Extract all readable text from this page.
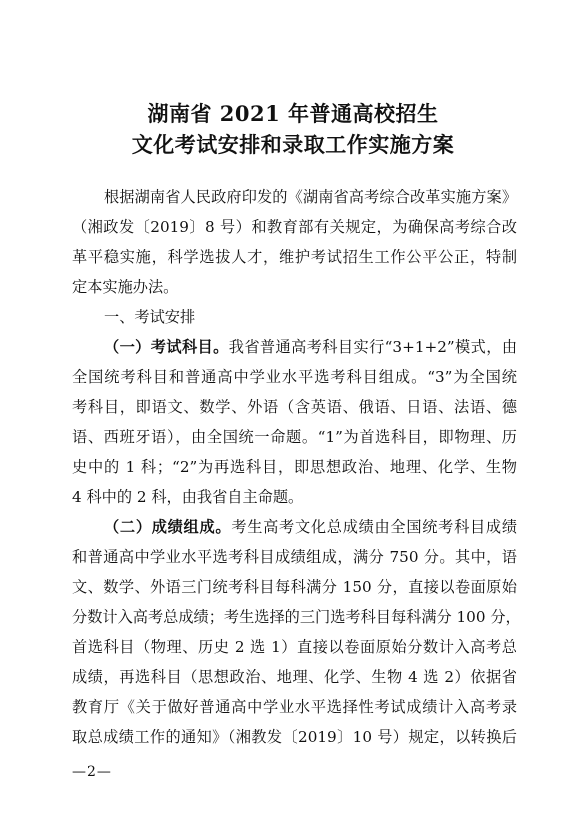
湖南省 2021 年普通高校招生
文化考试安排和录取工作实施方案
根据湖南省人民政府印发的《湖南省高考综合改革实施方案》
（湘政发〔2019〕8 号）和教育部有关规定，为确保高考综合改
革平稳实施，科学选拔人才，维护考试招生工作公平公正，特制
定本实施办法。
一、考试安排
（一）考试科目。我省普通高考科目实行“3+1+2”模式，由
全国统考科目和普通高中学业水平选考科目组成。“3”为全国统
考科目，即语文、数学、外语（含英语、俄语、日语、法语、德
语、西班牙语），由全国统一命题。“1”为首选科目，即物理、历
史中的 1 科；“2”为再选科目，即思想政治、地理、化学、生物
4 科中的 2 科，由我省自主命题。
（二）成绩组成。考生高考文化总成绩由全国统考科目成绩
和普通高中学业水平选考科目成绩组成，满分 750 分。其中，语
文、数学、外语三门统考科目每科满分 150 分，直接以卷面原始
分数计入高考总成绩；考生选择的三门选考科目每科满分 100 分，
首选科目（物理、历史 2 选 1）直接以卷面原始分数计入高考总
成绩，再选科目（思想政治、地理、化学、生物 4 选 2）依据省
教育厅《关于做好普通高中学业水平选择性考试成绩计入高考录
取总成绩工作的通知》（湘教发〔2019〕10 号）规定，以转换后
—2—
